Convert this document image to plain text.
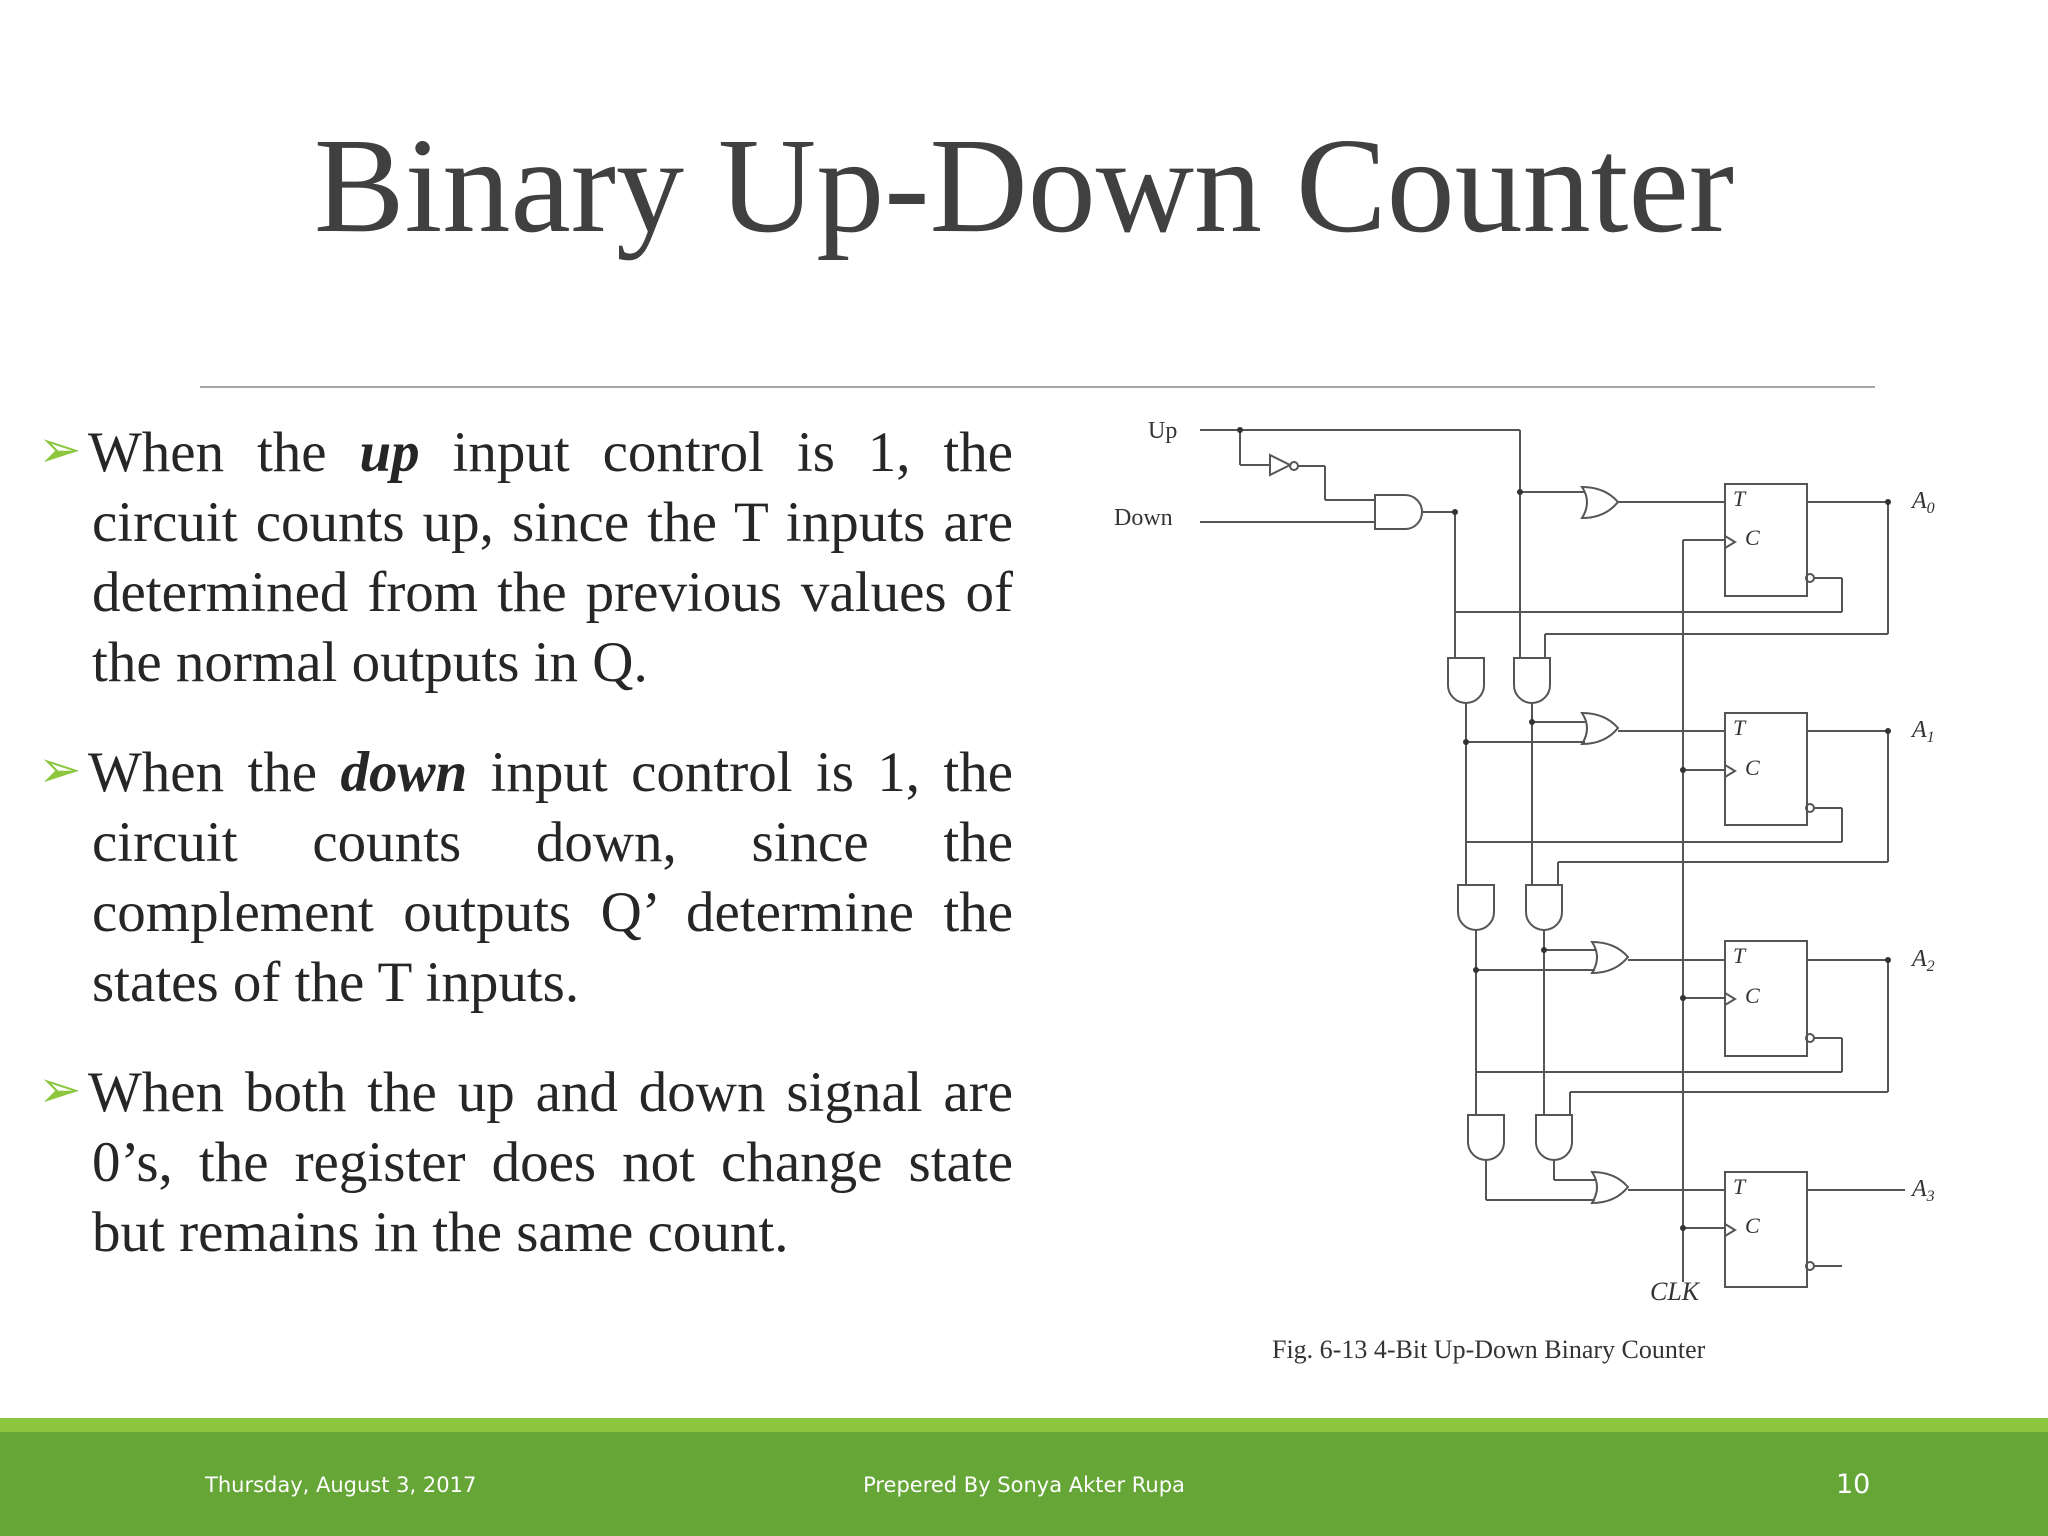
Binary Up-Down Counter

➢ When the up input control is 1, the circuit counts up, since the T inputs are determined from the previous values of the normal outputs in Q.

➢ When the down input control is 1, the circuit counts down, since the complement outputs Q’ determine the states of the T inputs.

➢ When both the up and down signal are 0’s, the register does not change state but remains in the same count.

Up
Down
T
C
T
C
T
C
T
C
$A_0$
$A_1$
$A_2$
$A_3$
CLK
Fig. 6-13 4-Bit Up-Down Binary Counter
Thursday, August 3, 2017	Prepered By Sonya Akter Rupa	10
